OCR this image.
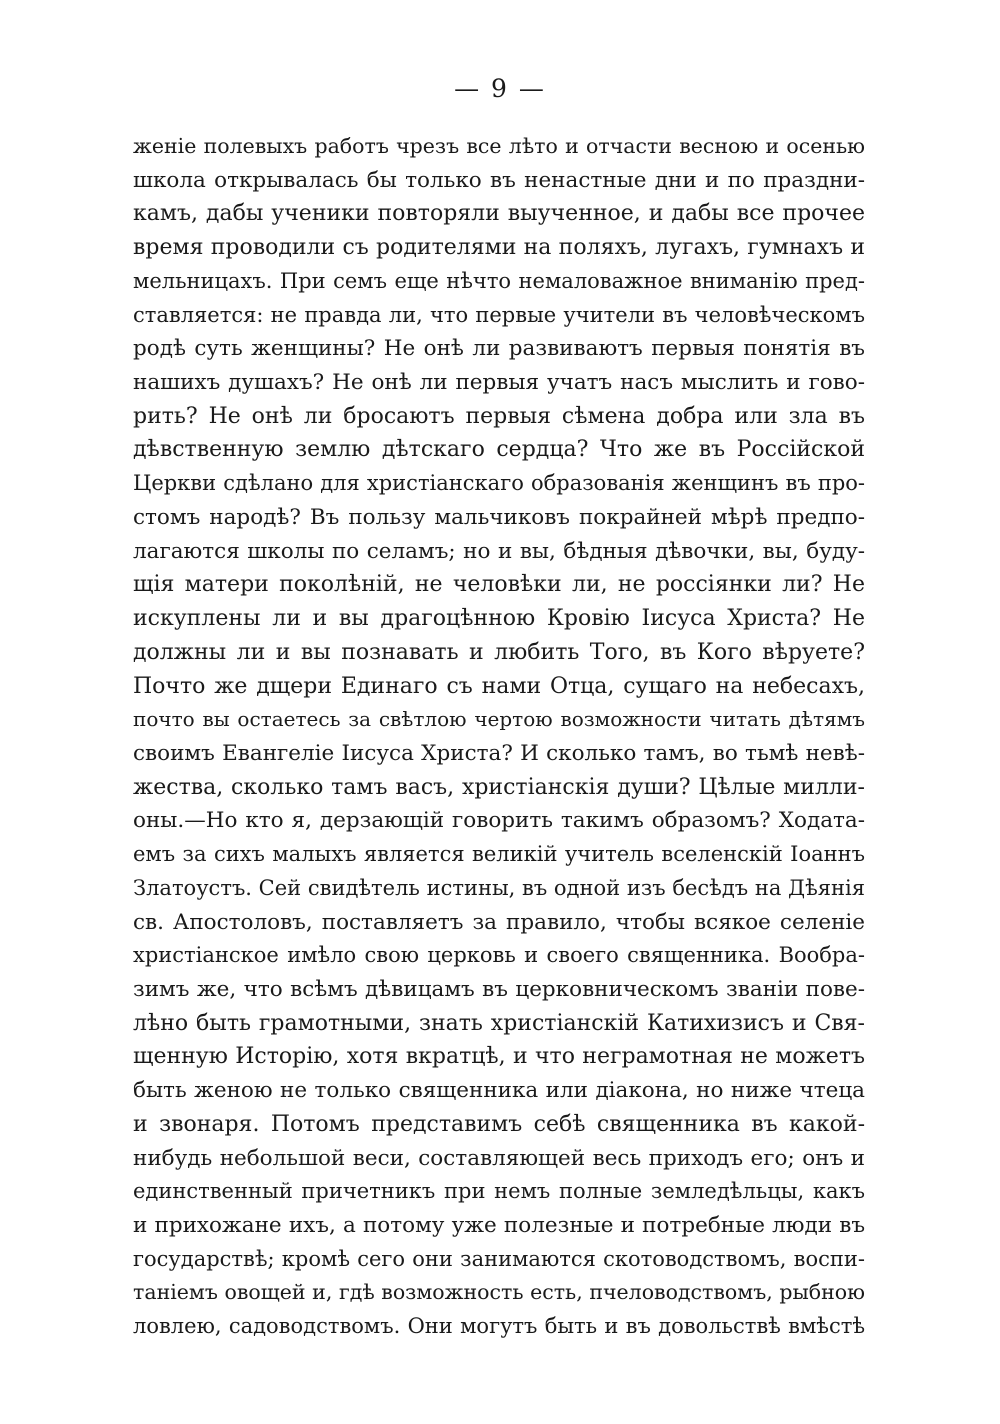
— 9 —
женіе полевыхъ работъ чрезъ все лѣто и отчасти весною и осенью
школа открывалась бы только въ ненастные дни и по праздни-
камъ, дабы ученики повторяли выученное, и дабы все прочее
время проводили съ родителями на поляхъ, лугахъ, гумнахъ и
мельницахъ. При семъ еще нѣчто немаловажное вниманію пред-
ставляется: не правда ли, что первые учители въ человѣческомъ
родѣ суть женщины? Не онѣ ли развиваютъ первыя понятія въ
нашихъ душахъ? Не онѣ ли первыя учатъ насъ мыслить и гово-
рить? Не онѣ ли бросаютъ первыя сѣмена добра или зла въ
дѣвственную землю дѣтскаго сердца? Что же въ Россійской
Церкви сдѣлано для христіанскаго образованія женщинъ въ про-
стомъ народѣ? Въ пользу мальчиковъ покрайней мѣрѣ предпо-
лагаются школы по селамъ; но и вы, бѣдныя дѣвочки, вы, буду-
щія матери поколѣній, не человѣки ли, не россіянки ли? Не
искуплены ли и вы драгоцѣнною Кровію Іисуса Христа? Не
должны ли и вы познавать и любить Того, въ Кого вѣруете?
Почто же дщери Единаго съ нами Отца, сущаго на небесахъ,
почто вы остаетесь за свѣтлою чертою возможности читать дѣтямъ
своимъ Евангеліе Іисуса Христа? И сколько тамъ, во тьмѣ невѣ-
жества, сколько тамъ васъ, христіанскія души? Цѣлые милли-
оны.—Но кто я, дерзающій говорить такимъ образомъ? Ходата-
емъ за сихъ малыхъ является великій учитель вселенскій Іоаннъ
Златоустъ. Сей свидѣтель истины, въ одной изъ бесѣдъ на Дѣянія
св. Апостоловъ, поставляетъ за правило, чтобы всякое селеніе
христіанское имѣло свою церковь и своего священника. Вообра-
зимъ же, что всѣмъ дѣвицамъ въ церковническомъ званіи повe-
лѣно быть грамотными, знать христіанскій Катихизисъ и Свя-
щенную Исторію, хотя вкратцѣ, и что неграмотная не можетъ
быть женою не только священника или діакона, но ниже чтеца
и звонаря. Потомъ представимъ себѣ священника въ какой-
нибудь небольшой веси, составляющей весь приходъ его; онъ и
единственный причетникъ при немъ полные земледѣльцы, какъ
и прихожане ихъ, а потому уже полезные и потребные люди въ
государствѣ; кромѣ сего они занимаются скотоводствомъ, воспи-
таніемъ овощей и, гдѣ возможность есть, пчеловодствомъ, рыбною
ловлею, садоводствомъ. Они могутъ быть и въ довольствѣ вмѣстѣ
